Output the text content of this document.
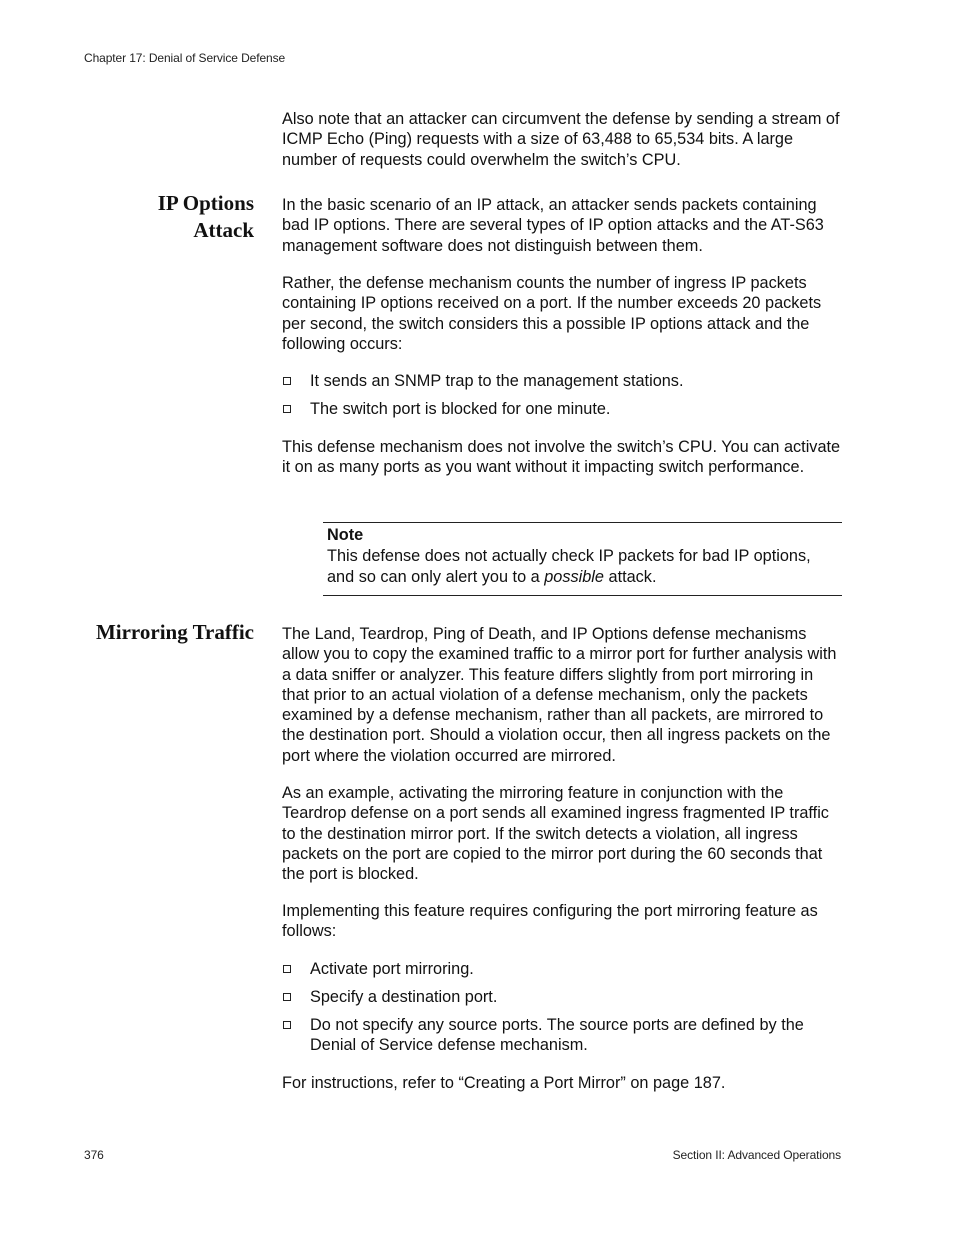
Chapter 17: Denial of Service Defense

Also note that an attacker can circumvent the defense by sending a stream of ICMP Echo (Ping) requests with a size of 63,488 to 65,534 bits. A large number of requests could overwhelm the switch’s CPU.

IP Options
Attack

In the basic scenario of an IP attack, an attacker sends packets containing bad IP options. There are several types of IP option attacks and the AT-S63 management software does not distinguish between them.

Rather, the defense mechanism counts the number of ingress IP packets containing IP options received on a port. If the number exceeds 20 packets per second, the switch considers this a possible IP options attack and the following occurs:

It sends an SNMP trap to the management stations.
The switch port is blocked for one minute.

This defense mechanism does not involve the switch’s CPU. You can activate it on as many ports as you want without it impacting switch performance.

Note
This defense does not actually check IP packets for bad IP options, and so can only alert you to a possible attack.
Mirroring Traffic The Land, Teardrop, Ping of Death, and IP Options defense mechanisms allow you to copy the examined traffic to a mirror port for further analysis with a data sniffer or analyzer. This feature differs slightly from port mirroring in that prior to an actual violation of a defense mechanism, only the packets examined by a defense mechanism, rather than all packets, are mirrored to the destination port. Should a violation occur, then all ingress packets on the port where the violation occurred are mirrored.

As an example, activating the mirroring feature in conjunction with the Teardrop defense on a port sends all examined ingress fragmented IP traffic to the destination mirror port. If the switch detects a violation, all ingress packets on the port are copied to the mirror port during the 60 seconds that the port is blocked.

Implementing this feature requires configuring the port mirroring feature as follows:

Activate port mirroring.
Specify a destination port.
Do not specify any source ports. The source ports are defined by the Denial of Service defense mechanism.

For instructions, refer to “Creating a Port Mirror” on page 187.

376	Section II: Advanced Operations
